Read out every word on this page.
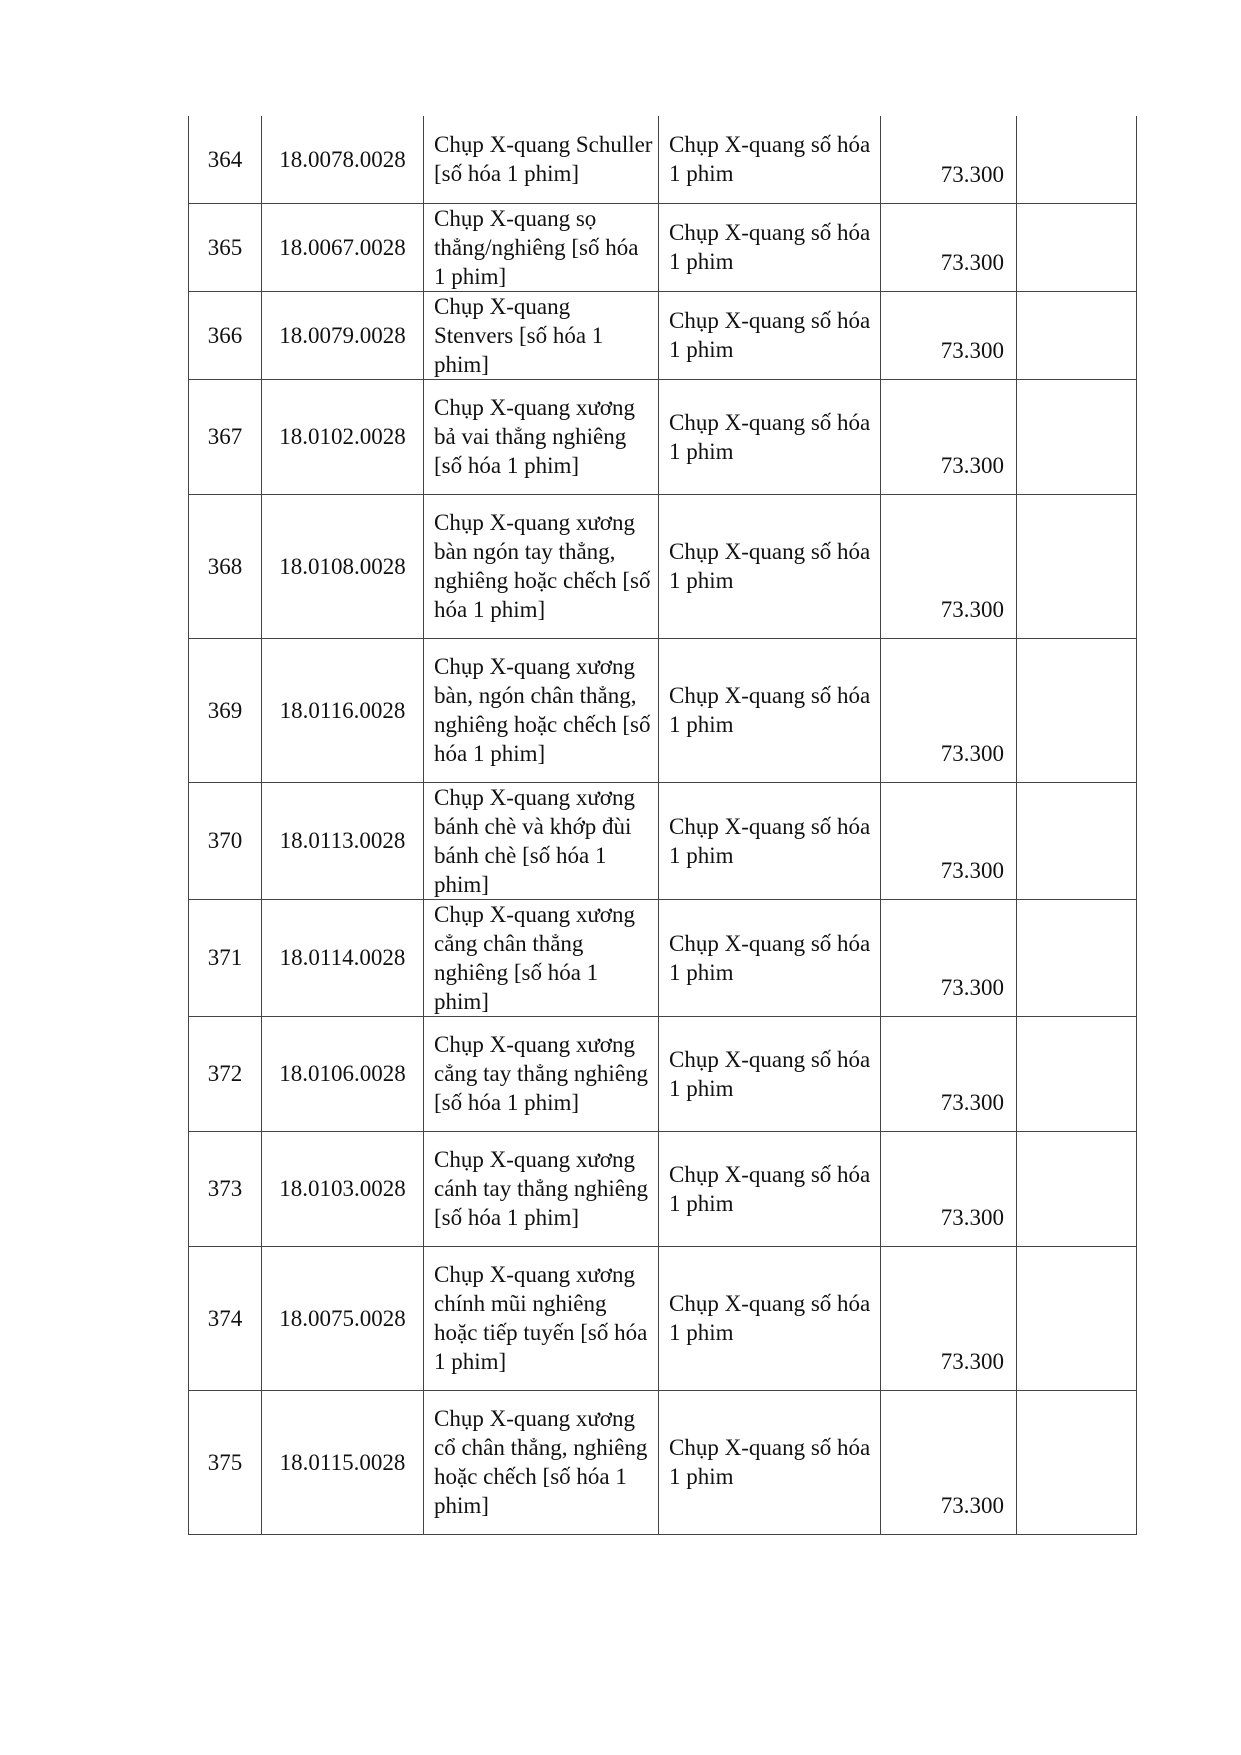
364	18.0078.0028	Chụp X-quang Schuller [số hóa 1 phim]	Chụp X-quang số hóa 1 phim	73.300	
365	18.0067.0028	Chụp X-quang sọ thẳng/nghiêng [số hóa 1 phim]	Chụp X-quang số hóa 1 phim	73.300	
366	18.0079.0028	Chụp X-quang Stenvers [số hóa 1 phim]	Chụp X-quang số hóa 1 phim	73.300	
367	18.0102.0028	Chụp X-quang xương bả vai thẳng nghiêng [số hóa 1 phim]	Chụp X-quang số hóa 1 phim	73.300	
368	18.0108.0028	Chụp X-quang xương bàn ngón tay thẳng, nghiêng hoặc chếch [số hóa 1 phim]	Chụp X-quang số hóa 1 phim	73.300	
369	18.0116.0028	Chụp X-quang xương bàn, ngón chân thẳng, nghiêng hoặc chếch [số hóa 1 phim]	Chụp X-quang số hóa 1 phim	73.300	
370	18.0113.0028	Chụp X-quang xương bánh chè và khớp đùi bánh chè [số hóa 1 phim]	Chụp X-quang số hóa 1 phim	73.300	
371	18.0114.0028	Chụp X-quang xương cẳng chân thẳng nghiêng [số hóa 1 phim]	Chụp X-quang số hóa 1 phim	73.300	
372	18.0106.0028	Chụp X-quang xương cẳng tay thẳng nghiêng [số hóa 1 phim]	Chụp X-quang số hóa 1 phim	73.300	
373	18.0103.0028	Chụp X-quang xương cánh tay thẳng nghiêng [số hóa 1 phim]	Chụp X-quang số hóa 1 phim	73.300	
374	18.0075.0028	Chụp X-quang xương chính mũi nghiêng hoặc tiếp tuyến [số hóa 1 phim]	Chụp X-quang số hóa 1 phim	73.300	
375	18.0115.0028	Chụp X-quang xương cổ chân thẳng, nghiêng hoặc chếch [số hóa 1 phim]	Chụp X-quang số hóa 1 phim	73.300	
